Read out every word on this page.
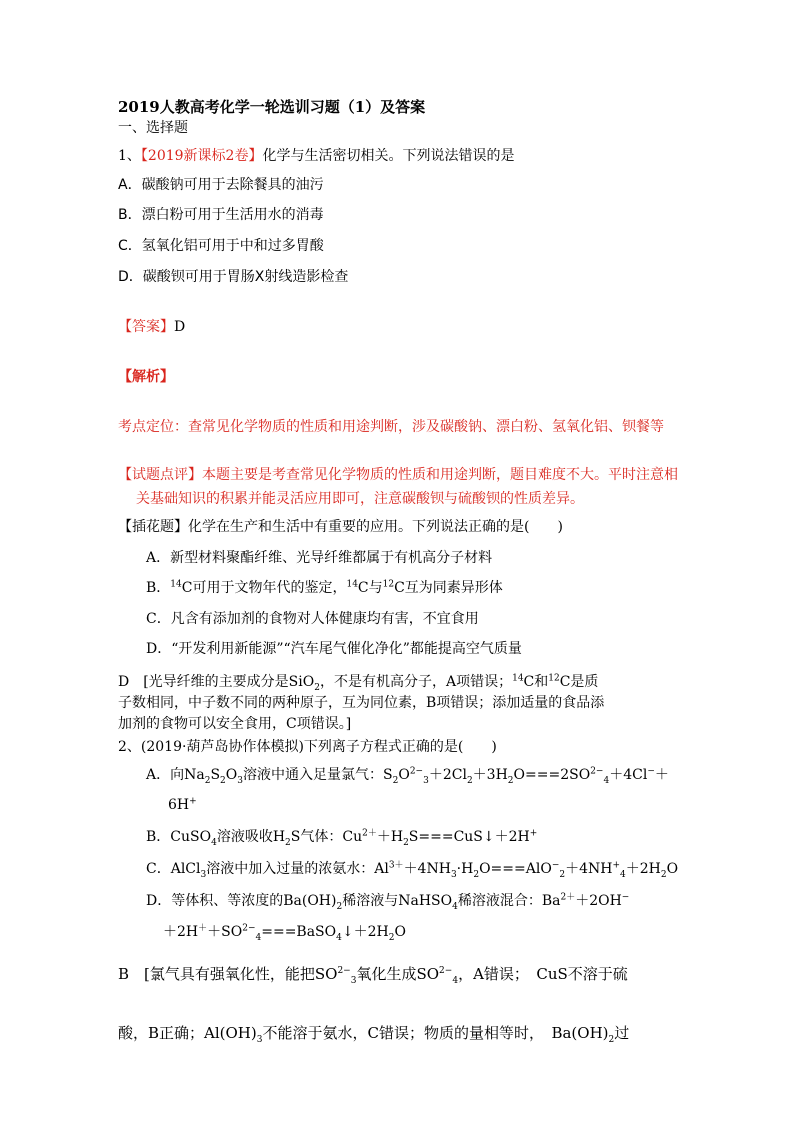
2019人教高考化学一轮选训习题（1）及答案
一、选择题
1、【2019新课标2卷】化学与生活密切相关。下列说法错误的是
A．碳酸钠可用于去除餐具的油污
B．漂白粉可用于生活用水的消毒
C．氢氧化铝可用于中和过多胃酸
D．碳酸钡可用于胃肠X射线造影检查
【答案】D
【解析】
考点定位：查常见化学物质的性质和用途判断，涉及碳酸钠、漂白粉、氢氧化铝、钡餐等
【试题点评】本题主要是考查常见化学物质的性质和用途判断，题目难度不大。平时注意相
关基础知识的积累并能灵活应用即可，注意碳酸钡与硫酸钡的性质差异。
【插花题】化学在生产和生活中有重要的应用。下列说法正确的是(　　)
A．新型材料聚酯纤维、光导纤维都属于有机高分子材料
B．$^{14}$C可用于文物年代的鉴定，$^{14}$C与$^{12}$C互为同素异形体
C．凡含有添加剂的食物对人体健康均有害，不宜食用
D．“开发利用新能源”“汽车尾气催化净化”都能提高空气质量
D　[光导纤维的主要成分是SiO$_2$，不是有机高分子，A项错误；$^{14}$C和$^{12}$C是质
子数相同，中子数不同的两种原子，互为同位素，B项错误；添加适量的食品添
加剂的食物可以安全食用，C项错误。]
2、(2019·葫芦岛协作体模拟)下列离子方程式正确的是(　　)
A．向$Na_2S_2O_3$溶液中通入足量氯气：$S_2O^{2-}_3+2Cl_2+3H_2O===2SO^{2-}_4+4Cl^-+$
6H+
B．CuSO$_4$溶液吸收$H_2S$气体：$Cu^{2+}+H_2S===CuS↓+2H^+$
C．AlCl$_3$溶液中加入过量的浓氨水：$Al^{3+}+4NH_3\cdot H_2O===AlO^-_2+4NH^+_4+2H_2O$
D．等体积、等浓度的$Ba(OH)_2$稀溶液与NaHSO$_4$稀溶液混合：$Ba^{2+}+2OH^-$
$+2H^++SO^{2-}_4===BaSO_4↓+2H_2O$
B　[氯气具有强氧化性，能把$SO^{2-}_3$氧化生成$SO^{2-}_4$，A错误；　CuS不溶于硫
酸，B正确；$Al(OH)_3$不能溶于氨水，C错误；物质的量相等时，　$Ba(OH)_2$过
